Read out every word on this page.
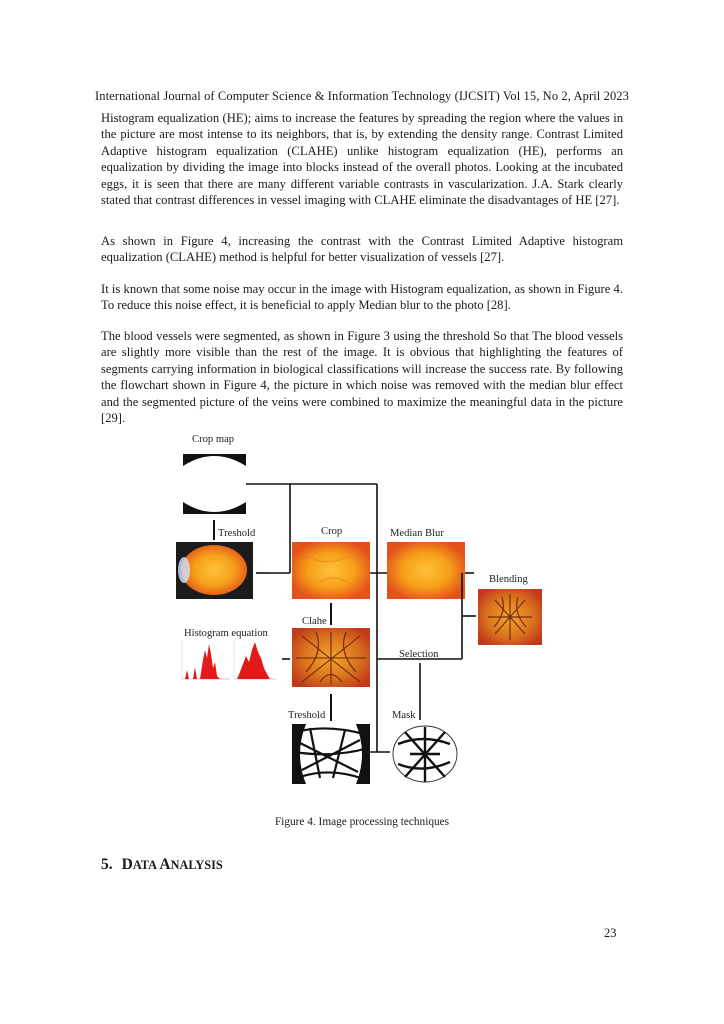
International Journal of Computer Science & Information Technology (IJCSIT) Vol 15, No 2, April 2023

Histogram equalization (HE); aims to increase the features by spreading the region where the values in the picture are most intense to its neighbors, that is, by extending the density range. Contrast Limited Adaptive histogram equalization (CLAHE) unlike histogram equalization (HE), performs an equalization by dividing the image into blocks instead of the overall photos. Looking at the incubated eggs, it is seen that there are many different variable contrasts in vascularization. J.A. Stark clearly stated that contrast differences in vessel imaging with CLAHE eliminate the disadvantages of HE [27].

As shown in Figure 4, increasing the contrast with the Contrast Limited Adaptive histogram equalization (CLAHE) method is helpful for better visualization of vessels [27].

It is known that some noise may occur in the image with Histogram equalization, as shown in Figure 4. To reduce this noise effect, it is beneficial to apply Median blur to the photo [28].

The blood vessels were segmented, as shown in Figure 3 using the threshold So that The blood vessels are slightly more visible than the rest of the image. It is obvious that highlighting the features of segments carrying information in biological classifications will increase the success rate. By following the flowchart shown in Figure 4, the picture in which noise was removed with the median blur effect and the segmented picture of the veins were combined to maximize the meaningful data in the picture [29].

Crop map
Treshold	Crop	Median Blur
Blending
Clahe
Histogram equation
Selection
Treshold	Mask
Figure 4. Image processing techniques
5. DATA ANALYSIS
23
